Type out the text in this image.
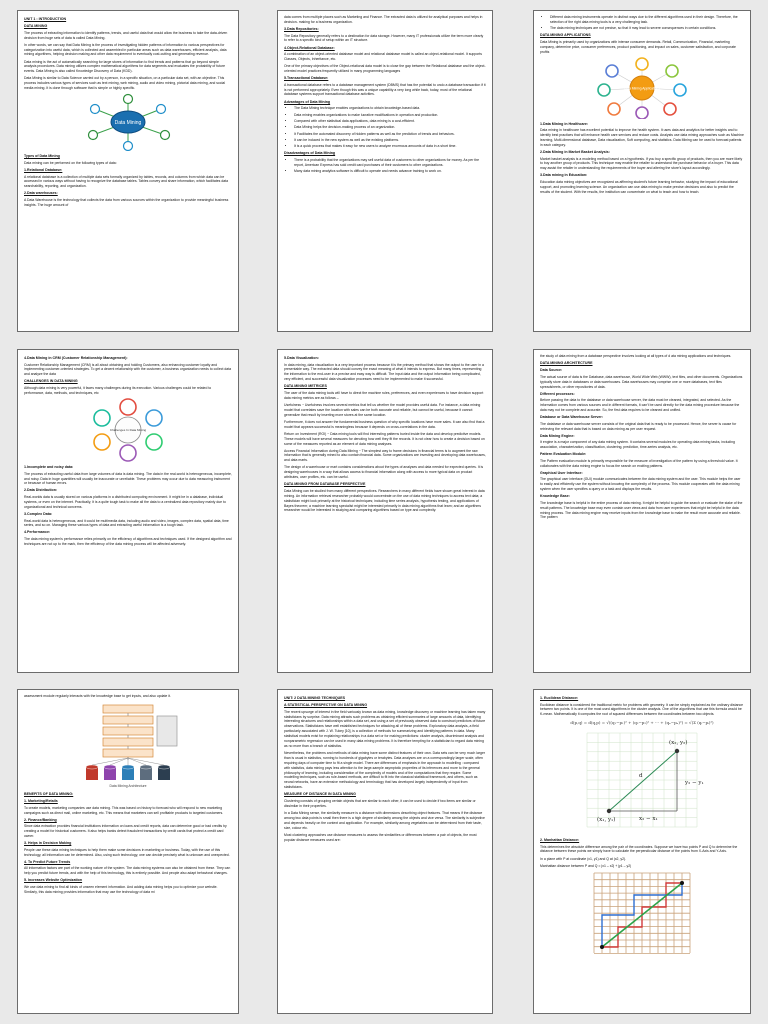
UNIT 1 : INTRODUCTION
DATA MINING

The process of extracting information to identify patterns, trends, and useful data that would allow the business to take the data-driven decision from huge sets of data is called Data Mining.

In other words, we can say that Data Mining is the process of investigating hidden patterns of information to various perspectives for categorization into useful data, which is collected and assembled in particular areas such as data warehouses, efficient analysis, data mining algorithms, helping decision making and other data requirement to eventually cost-cutting and generating revenue.

Data mining is the act of automatically searching for large stores of information to find trends and patterns that go beyond simple analysis procedures. Data mining utilizes complex mathematical algorithms for data segments and evaluates the probability of future events. Data Mining is also called Knowledge Discovery of Data (KDD).

Data Mining is similar to Data Science carried out by a person, in a specific situation, on a particular data set, with an objective. This process includes various types of services such as text mining, web mining, audio and video mining, pictorial data mining, and social media mining. It is done through software that is simple or highly specific.

Data Mining
Types of Data Mining

Data mining can be performed on the following types of data:

1.Relational Database:

A relational database is a collection of multiple data sets formally organized by tables, records, and columns from which data can be accessed in various ways without having to recognize the database tables. Tables convey and share information, which facilitates data searchability, reporting, and organization.

2.Data warehouses:

A Data Warehouse is the technology that collects the data from various sources within the organization to provide meaningful business insights. The huge amount of

data comes from multiple places such as Marketing and Finance. The extracted data is utilized for analytical purposes and helps in decision- making for a business organization.

3.Data Repositories:

The Data Repository generally refers to a destination for data storage. However, many IT professionals utilize the term more clearly to refer to a specific kind of setup within an IT structure.

4.Object-Relational Database:

A combination of an object-oriented database model and relational database model is called an object-relational model. It supports Classes, Objects, Inheritance, etc.

One of the primary objectives of the Object-relational data model is to close the gap between the Relational database and the object-oriented model practices frequently utilized in many programming languages

5.Transactional Database:

A transactional database refers to a database management system (DBMS) that has the potential to undo a database transaction if it is not performed appropriately. Even though this was a unique capability a very long while back, today, most of the relational database systems support transactional database activities.

Advantages of Data Mining
• The Data Mining technique enables organizations to obtain knowledge-based data.
• Data mining enables organizations to make lucrative modifications in operation and production.
• Compared with other statistical data applications, data mining is a cost-efficient.
• Data Mining helps the decision-making process of an organization.
• It Facilitates the automated discovery of hidden patterns as well as the prediction of trends and behaviors.
• It can be induced in the new system as well as the existing platforms.
• It is a quick process that makes it easy for new users to analyze enormous amounts of data in a short time.
Disadvantages of Data Mining
• There is a probability that the organizations may sell useful data of customers to other organizations for money. As per the report, American Express has sold credit card purchases of their customers to other organizations.
• Many data mining analytics software is difficult to operate and needs advance training to work on.
• Different data mining instruments operate in distinct ways due to the different algorithms used in their design. Therefore, the selection of the right data mining tools is a very challenging task.
• The data mining techniques are not precise, so that it may lead to severe consequences in certain conditions.
DATA MINING APPLICATIONS

Data Mining is primarily used by organizations with intense consumer demands- Retail, Communication, Financial, marketing company, determine price, consumer preferences, product positioning, and impact on sales, customer satisfaction, and corporate profits

Data Mining Applications
1.Data Mining in Healthcare:

Data mining in healthcare has excellent potential to improve the health system. It uses data and analytics for better insights and to identify best practices that will enhance health care services and reduce costs. Analysts use data mining approaches such as Machine learning, Multi-dimensional database, Data visualization, Soft computing, and statistics. Data Mining can be used to forecast patients in each category.

2.Data Mining in Market Basket Analysis:

Market basket analysis is a modeling method based on a hypothesis. If you buy a specific group of products, then you are more likely to buy another group of products. This technique may enable the retailer to understand the purchase behavior of a buyer. This data may assist the retailer in understanding the requirements of the buyer and altering the store's layout accordingly.

3.Data mining in Education:

Education data mining objectives are recognized as affirming student's future learning behavior, studying the impact of educational support, and promoting learning science. An organization can use data mining to make precise decisions and also to predict the results of the student. With the results, the institution can concentrate on what to teach and how to teach.

4.Data Mining in CRM (Customer Relationship Management):

Customer Relationship Management (CRM) is all about obtaining and holding Customers, also enhancing customer loyalty and implementing customer-oriented strategies. To get a decent relationship with the customer, a business organization needs to collect data and analyze the data

CHALLENGES IN DATA MINING

Although data mining is very powerful, it faces many challenges during its execution. Various challenges could be related to performance, data, methods, and techniques, etc

Challenges In Data Mining
1.Incomplete and noisy data:

The process of extracting useful data from large volumes of data is data mining. The data in the real-world is heterogeneous, incomplete, and noisy. Data in huge quantities will usually be inaccurate or unreliable. These problems may occur due to data measuring instrument or because of human errors.

2.Data Distribution:

Real-worlds data is usually stored on various platforms in a distributed computing environment. It might be in a database, individual systems, or even on the internet. Practically, It is a quite tough task to make all the data to a centralized data repository mainly due to organizational and technical concerns.

3.Complex Data:

Real-world data is heterogeneous, and it could be multimedia data, including audio and video, images, complex data, spatial data, time series, and so on. Managing these various types of data and extracting useful information is a tough task.

4.Performance:

The data mining system's performance relies primarily on the efficiency of algorithms and techniques used. If the designed algorithm and techniques are not up to the mark, then the efficiency of the data mining process will be affected adversely.

5.Data Visualization:

In data mining, data visualization is a very important process because it is the primary method that shows the output to the user in a presentable way. The extracted data should convey the exact meaning of what it intends to express. But many times, representing the information to the end-user in a precise and easy way is difficult. The input data and the output information being complicated, very efficient, and successful data visualization processes need to be implemented to make it successful.

DATA MINING METRICES

The user of the data mining tools will have to direct the machine rules, preferences, and even experiences to have decision support data mining metrics are as follows –

Usefulness − Usefulness involves several metrics that tell us whether the model provides useful data. For instance, a data mining model that correlates save the location with sales can be both accurate and reliable, but cannot be useful, because it cannot generalize that result by inserting more stores at the same location.

Furthermore, it does not answer the fundamental business question of why specific locations have more sales. It can also find that a model that appears successful is meaningless because it depends on cross-correlations in the data.

Return on Investment (ROI) − Data mining tools will find interesting patterns buried inside the data and develop predictive models. These models will have several measures for denoting how well they fit the records. It is not clear how to create a decision based on some of the measures reported as an element of data mining analyses.

Access Financial Information during Data Mining − The simplest way to frame decisions in financial terms is to augment the raw information that is generally mined to also contain financial data. Some organizations are investing and developing data warehouses, and data marts.

The design of a warehouse or mart contains considerations about the types of analyses and data needed for expected queries. It is designing warehouses in a way that allows access to financial information along with access to more typical data on product attributes, user profiles, etc. can be useful.

DATA MINING FROM DATABASE PERSPECTIVE

Data Mining can be studied from many different perspectives. Researchers in many different fields have shown great interest in data mining. An information retrieval researcher probably would concentrate on the use of data mining techniques to access text data; a statistician might look primarily at the historical techniques; including time series analysis, hypothesis testing, and applications of Bayes theorem; a machine learning specialist might be interested primarily in data mining algorithms that learn; and an algorithms researcher would be interested in studying and comparing algorithms based on type and complexity.

the study of data mining from a database perspective involves looking at all types of d ata mining applications and techniques.

DATA MINING ARCHITECTURE
Data Source:

The actual source of data is the Database, data warehouse, World Wide Web (WWW), text files, and other documents. Organizations typically store data in databases or data warehouses. Data warehouses may comprise one or more databases, text files spreadsheets, or other repositories of data.

Different processes:

Before passing the data to the database or data warehouse server, the data must be cleaned, integrated, and selected. As the information comes from various sources and in different formats, it can't be used directly for the data mining procedure because the data may not be complete and accurate. So, the first data requires to be cleaned and unified.

Database or Data Warehouse Server:

The database or data warehouse server consists of the original data that is ready to be processed. Hence, the server is cause for retrieving the relevant data that is based on data mining as per user request.

Data Mining Engine:

It engine is a major component of any data mining system. It contains several modules for operating data mining tasks, including association, characterization, classification, clustering, prediction, time-series analysis, etc.

Pattern Evaluation Module:

The Pattern evaluation module is primarily responsible for the measure of investigation of the pattern by using a threshold value. It collaborates with the data mining engine to focus the search on exciting patterns.

Graphical User Interface:

The graphical user interface (GUI) module communicates between the data mining system and the user. This module helps the user to easily and efficiently use the system without knowing the complexity of the process. This module cooperates with the data mining system when the user specifies a query or a task and displays the results.

Knowledge Base:

The knowledge base is helpful in the entire process of data mining. It might be helpful to guide the search or evaluate the stake of the result patterns. The knowledge base may even contain user views and data from user experiences that might be helpful in the data mining process. The data mining engine may receive inputs from the knowledge base to make the result more accurate and reliable. The pattern

assessment module regularly interacts with the knowledge base to get inputs, and also update it.

Data Mining Architecture
BENEFITS OF DATA MINING:
1. Marketing/Retails

To create models, marketing companies use data mining. This was based on history to forecast who will respond to new marketing campaigns such as direct mail, online marketing, etc. This means that marketers can sell profitable products to targeted customers.

2. Finance/Banking

Since data extraction provides financial institutions information on loans and credit reports, data can determine good or bad credits by creating a model for historical customers. It also helps banks detect fraudulent transactions by credit cards that protect a credit card owner.

3. Helps in Decision Making

People use these data mining techniques to help them make some decisions in marketing or business. Today, with the use of this technology, all information can be determined. Also, using such technology, one can decide precisely what is unknown and unexpected.

4. To Predict Future Trends

All information factors are part of the working nature of the system. The data mining systems can also be obtained from these. They can help you predict future trends, and with the help of this technology, this is entirely possible. And people also adapt behavioral changes.

5. Increases Website Optimization

We use data mining to find all kinds of unseen element information. And adding data mining helps you to optimize your website. Similarly, this data mining provides information that may use the technology of data mi

UNIT: 2 DATA MINING TECHNIQUES
A STATISTICAL PERSPECTIVE ON DATA MINING

The recent upsurge of interest in the field variously known as data mining, knowledge discovery or machine learning has taken many statisticians by surprise. Data mining attracts such problems as obtaining efficient summaries of large amounts of data, identifying interesting structures and relationships within a data set, and using a set of previously observed data to construct predictors of future observations. Statisticians have well established techniques for attacking all of these problems. Exploratory data analysis, a field particularly associated with J. W. Tukey [10], is a collection of methods for summarizing and identifying patterns in data. Many statistical models exist for explaining relationships in a data set or for making predictions: cluster analysis, discriminant analysis and nonparametric regression can be used in many data mining problems. It is therefore tempting for a statistician to regard data mining as no more than a branch of statistics.

Nevertheless, the problems and methods of data mining have some distinct features of their own. Data sets can be very much larger than is usual in statistics, running to hundreds of gigabytes or terabytes. Data analyses are on a correspondingly larger scale, often requiring days of computer time to fit a single model. There are differences of emphasis in the approach to modelling : compared with statistics, data mining pays less attention to the large-sample asymptotic properties of its inferences and more to the general philosophy of learning, including consideration of the complexity of models and of the computations that they require. Some modelling techniques, such as rule-based methods, are difficult to fit into the classical statistical framework, and others, such as neural networks, have an extensive methodology and terminology that has developed largely independently of input from statisticians.

MEASURE OF DISTANCE IN DATA MINING

Clustering consists of grouping certain objects that are similar to each other, it can be used to decide if two items are similar or dissimilar in their properties.

In a Data Mining sense, the similarity measure is a distance with dimensions describing object features. That means if the distance among two data points is small then there is a high degree of similarity among the objects and vice versa. The similarity is subjective and depends heavily on the context and application. For example, similarity among vegetables can be determined from their taste, size, colour etc.

Most clustering approaches use distance measures to assess the similarities or differences between a pair of objects, the most popular distance measures used are:

1. Euclidean Distance:

Euclidean distance is considered the traditional metric for problems with geometry. It can be simply explained as the ordinary distance between two points. It is one of the most used algorithms in the cluster analysis. One of the algorithms that use this formula would be K-mean. Mathematically it computes the root of squared differences between the coordinates between two objects.

d(p,q) = d(q,p) = √((q₁−p₁)² + (q₂−p₂)² + ⋯ + (qₙ−pₙ)²) = √(Σ (qᵢ−pᵢ)²)
(x₁, y₁)
(x₂, y₂)
d
x₂ − x₁
y₂ − y₁
2. Manhattan Distance:

This determines the absolute difference among the pair of the coordinates. Suppose we have two points P and Q to determine the distance between these points we simply have to calculate the perpendicular distance of the points from X-Axis and Y-Axis.

In a plane with P at coordinate (x1, y1) and Q at (x2, y2).

Manhattan distance between P and Q = |x1 – x2| + |y1 – y2|
